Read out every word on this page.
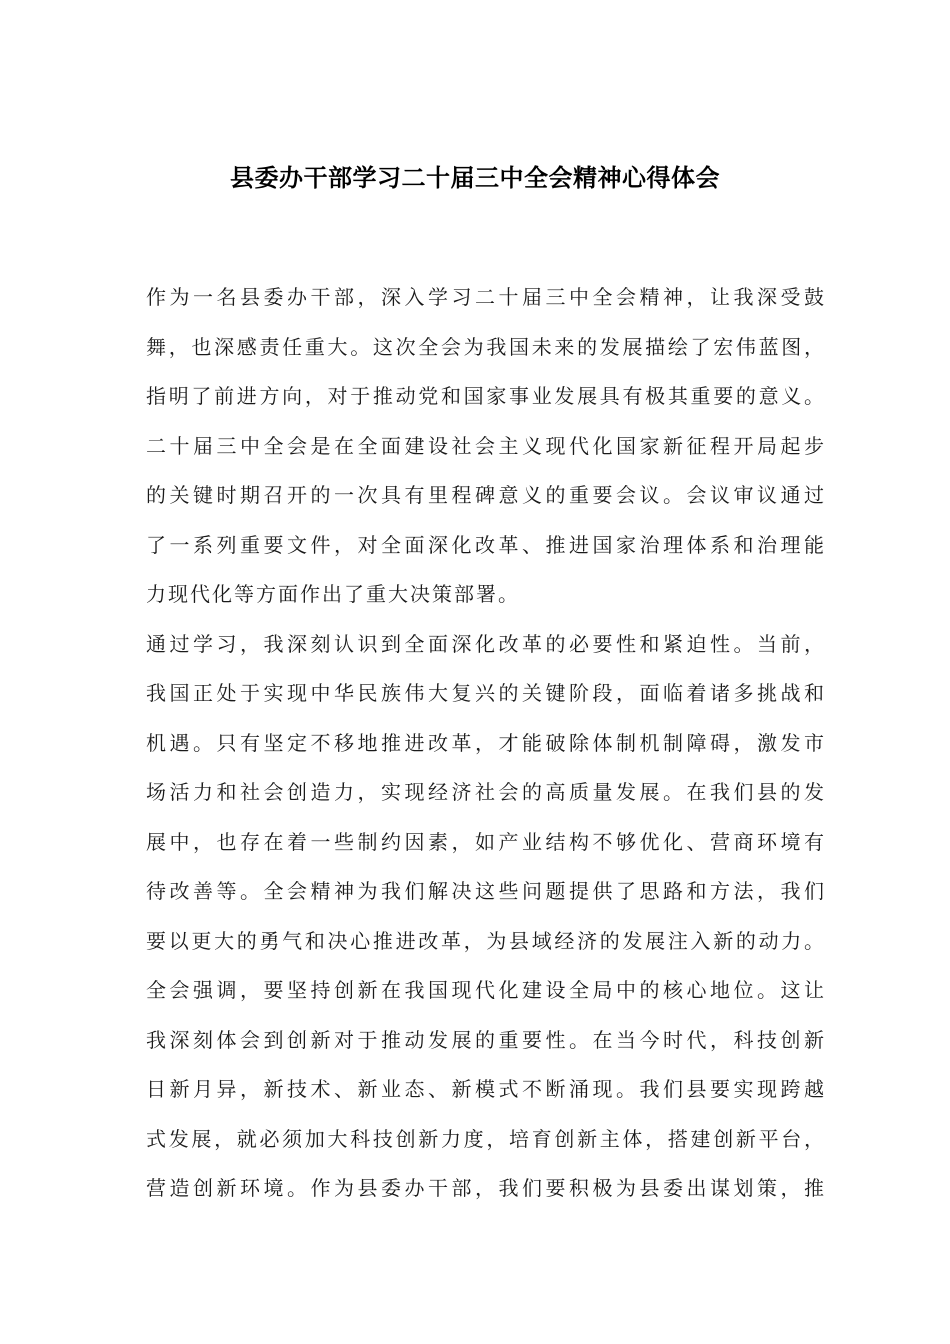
县委办干部学习二十届三中全会精神心得体会
作为一名县委办干部，深入学习二十届三中全会精神，让我深受鼓
舞，也深感责任重大。这次全会为我国未来的发展描绘了宏伟蓝图，
指明了前进方向，对于推动党和国家事业发展具有极其重要的意义。
二十届三中全会是在全面建设社会主义现代化国家新征程开局起步
的关键时期召开的一次具有里程碑意义的重要会议。会议审议通过
了一系列重要文件，对全面深化改革、推进国家治理体系和治理能
力现代化等方面作出了重大决策部署。
通过学习，我深刻认识到全面深化改革的必要性和紧迫性。当前，
我国正处于实现中华民族伟大复兴的关键阶段，面临着诸多挑战和
机遇。只有坚定不移地推进改革，才能破除体制机制障碍，激发市
场活力和社会创造力，实现经济社会的高质量发展。在我们县的发
展中，也存在着一些制约因素，如产业结构不够优化、营商环境有
待改善等。全会精神为我们解决这些问题提供了思路和方法，我们
要以更大的勇气和决心推进改革，为县域经济的发展注入新的动力。
全会强调，要坚持创新在我国现代化建设全局中的核心地位。这让
我深刻体会到创新对于推动发展的重要性。在当今时代，科技创新
日新月异，新技术、新业态、新模式不断涌现。我们县要实现跨越
式发展，就必须加大科技创新力度，培育创新主体，搭建创新平台，
营造创新环境。作为县委办干部，我们要积极为县委出谋划策，推
